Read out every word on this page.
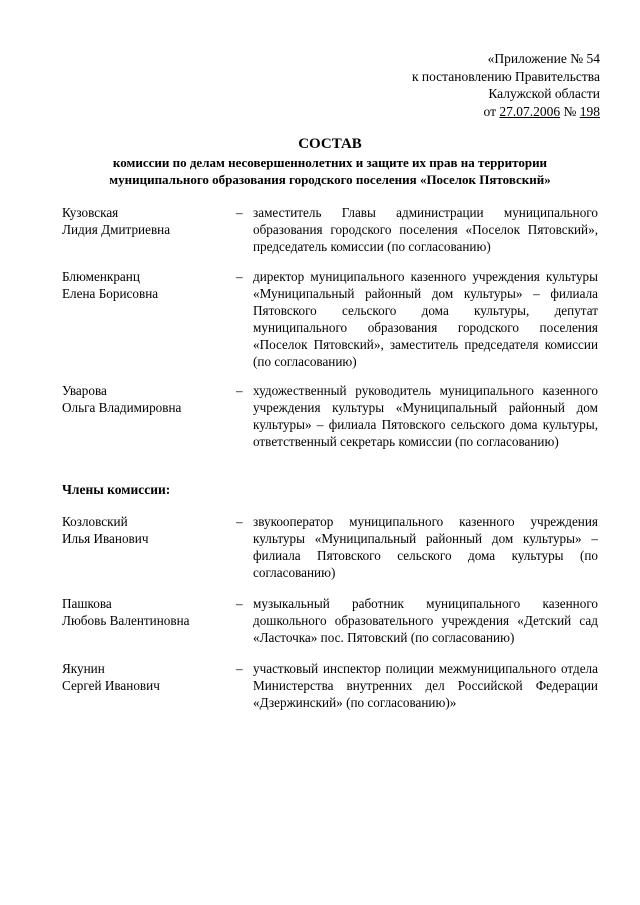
«Приложение № 54
к постановлению Правительства
Калужской области
от 27.07.2006 № 198
СОСТАВ
комиссии по делам несовершеннолетних и защите их прав на территории муниципального образования городского поселения «Поселок Пятовский»
Кузовская
Лидия Дмитриевна
– заместитель Главы администрации муниципального образования городского поселения «Поселок Пятовский», председатель комиссии (по согласованию)
Блюменкранц
Елена Борисовна
– директор муниципального казенного учреждения культуры «Муниципальный районный дом культуры» – филиала Пятовского сельского дома культуры, депутат муниципального образования городского поселения «Поселок Пятовский», заместитель председателя комиссии (по согласованию)
Уварова
Ольга Владимировна
– художественный руководитель муниципального казенного учреждения культуры «Муниципальный районный дом культуры» – филиала Пятовского сельского дома культуры, ответственный секретарь комиссии (по согласованию)
Члены комиссии:
Козловский
Илья Иванович
– звукооператор муниципального казенного учреждения культуры «Муниципальный районный дом культуры» – филиала Пятовского сельского дома культуры (по согласованию)
Пашкова
Любовь Валентиновна
– музыкальный работник муниципального казенного дошкольного образовательного учреждения «Детский сад «Ласточка» пос. Пятовский (по согласованию)
Якунин
Сергей Иванович
– участковый инспектор полиции межмуниципального отдела Министерства внутренних дел Российской Федерации «Дзержинский» (по согласованию)»
